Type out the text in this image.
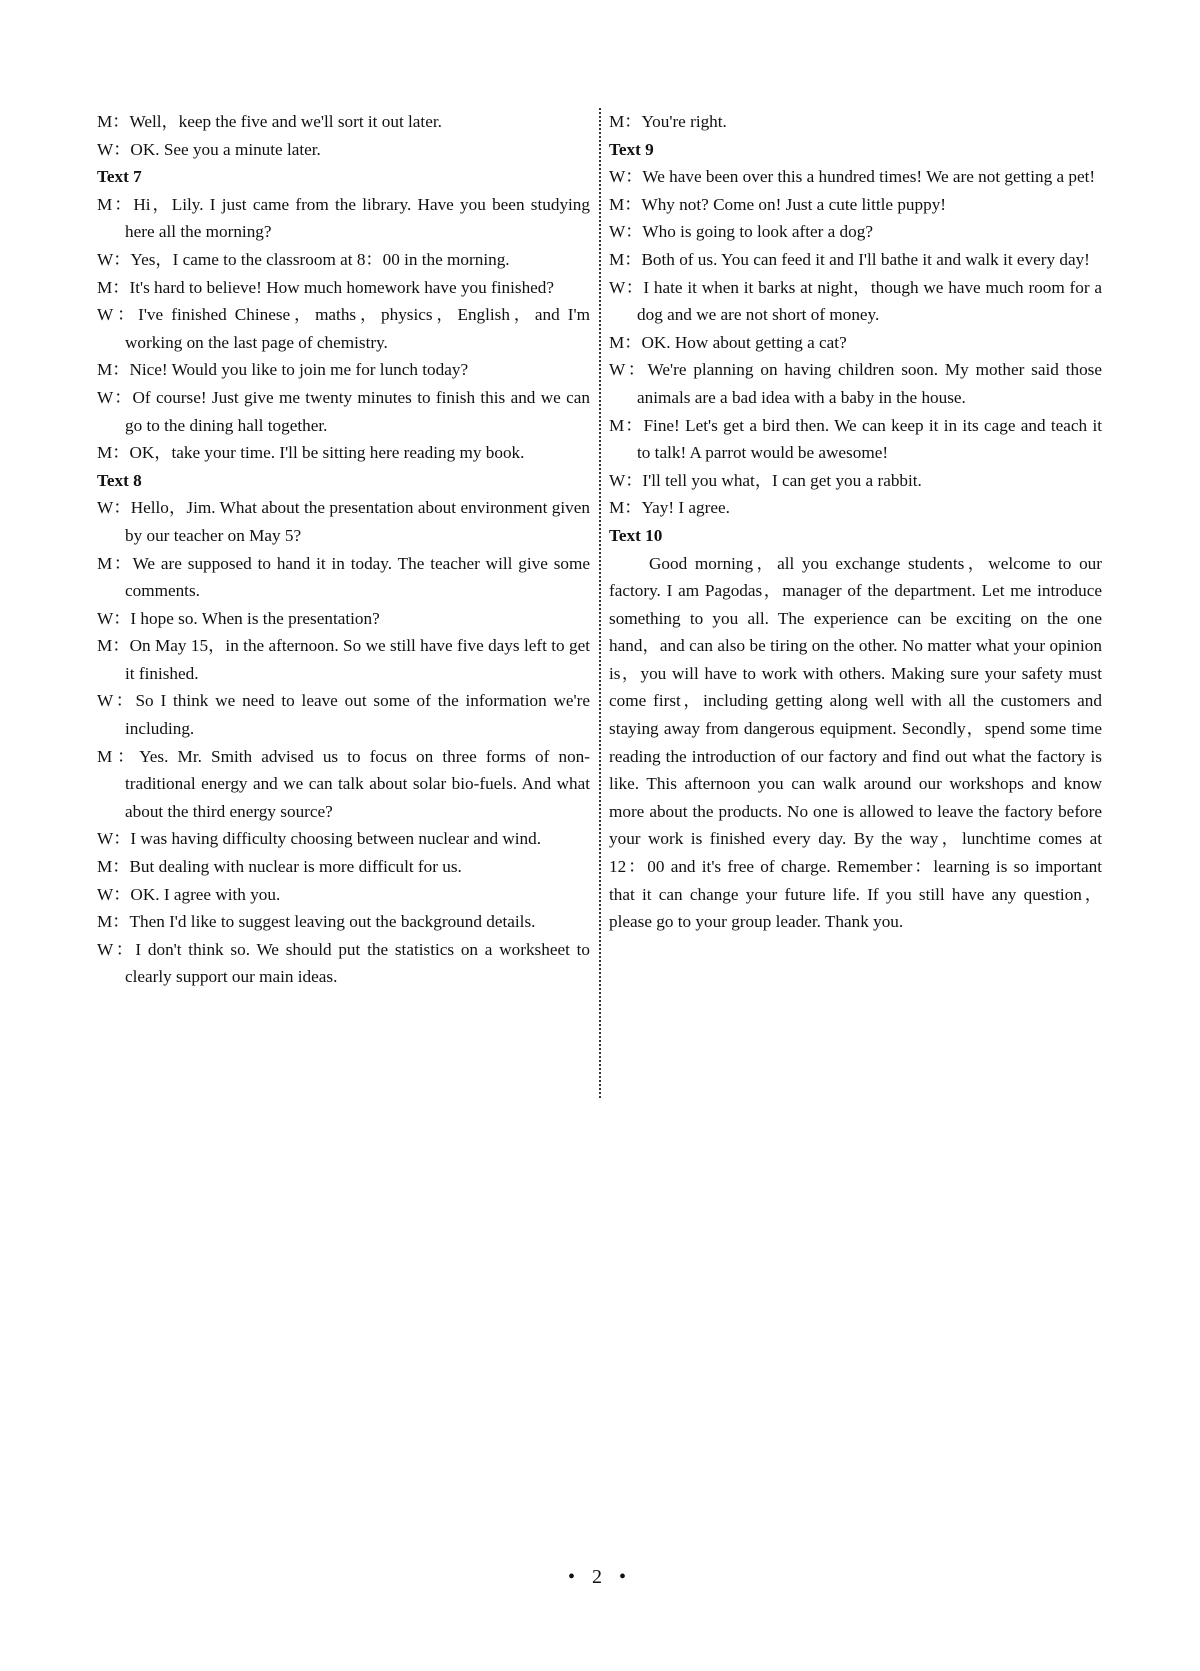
M：Well，keep the five and we'll sort it out later.

W：OK. See you a minute later.

Text 7

M：Hi，Lily. I just came from the library. Have you been studying here all the morning?

W：Yes，I came to the classroom at 8：00 in the morning.

M：It's hard to believe! How much homework have you finished?

W：I've finished Chinese，maths，physics，English，and I'm working on the last page of chemistry.

M：Nice! Would you like to join me for lunch today?

W：Of course! Just give me twenty minutes to finish this and we can go to the dining hall together.

M：OK，take your time. I'll be sitting here reading my book.

Text 8

W：Hello，Jim. What about the presentation about environment given by our teacher on May 5?

M：We are supposed to hand it in today. The teacher will give some comments.

W：I hope so. When is the presentation?

M：On May 15，in the afternoon. So we still have five days left to get it finished.

W：So I think we need to leave out some of the information we're including.

M：Yes. Mr. Smith advised us to focus on three forms of non-traditional energy and we can talk about solar bio-fuels. And what about the third energy source?

W：I was having difficulty choosing between nuclear and wind.

M：But dealing with nuclear is more difficult for us.

W：OK. I agree with you.

M：Then I'd like to suggest leaving out the background details.

W：I don't think so. We should put the statistics on a worksheet to clearly support our main ideas.

M：You're right.

Text 9

W：We have been over this a hundred times! We are not getting a pet!

M：Why not? Come on! Just a cute little puppy!

W：Who is going to look after a dog?

M：Both of us. You can feed it and I'll bathe it and walk it every day!

W：I hate it when it barks at night，though we have much room for a dog and we are not short of money.

M：OK. How about getting a cat?

W：We're planning on having children soon. My mother said those animals are a bad idea with a baby in the house.

M：Fine! Let's get a bird then. We can keep it in its cage and teach it to talk! A parrot would be awesome!

W：I'll tell you what，I can get you a rabbit.

M：Yay! I agree.

Text 10

Good morning，all you exchange students，welcome to our factory. I am Pagodas，manager of the department. Let me introduce something to you all. The experience can be exciting on the one hand，and can also be tiring on the other. No matter what your opinion is，you will have to work with others. Making sure your safety must come first，including getting along well with all the customers and staying away from dangerous equipment. Secondly，spend some time reading the introduction of our factory and find out what the factory is like. This afternoon you can walk around our workshops and know more about the products. No one is allowed to leave the factory before your work is finished every day. By the way，lunchtime comes at 12：00 and it's free of charge. Remember：learning is so important that it can change your future life. If you still have any question，please go to your group leader. Thank you.

• 2 •
